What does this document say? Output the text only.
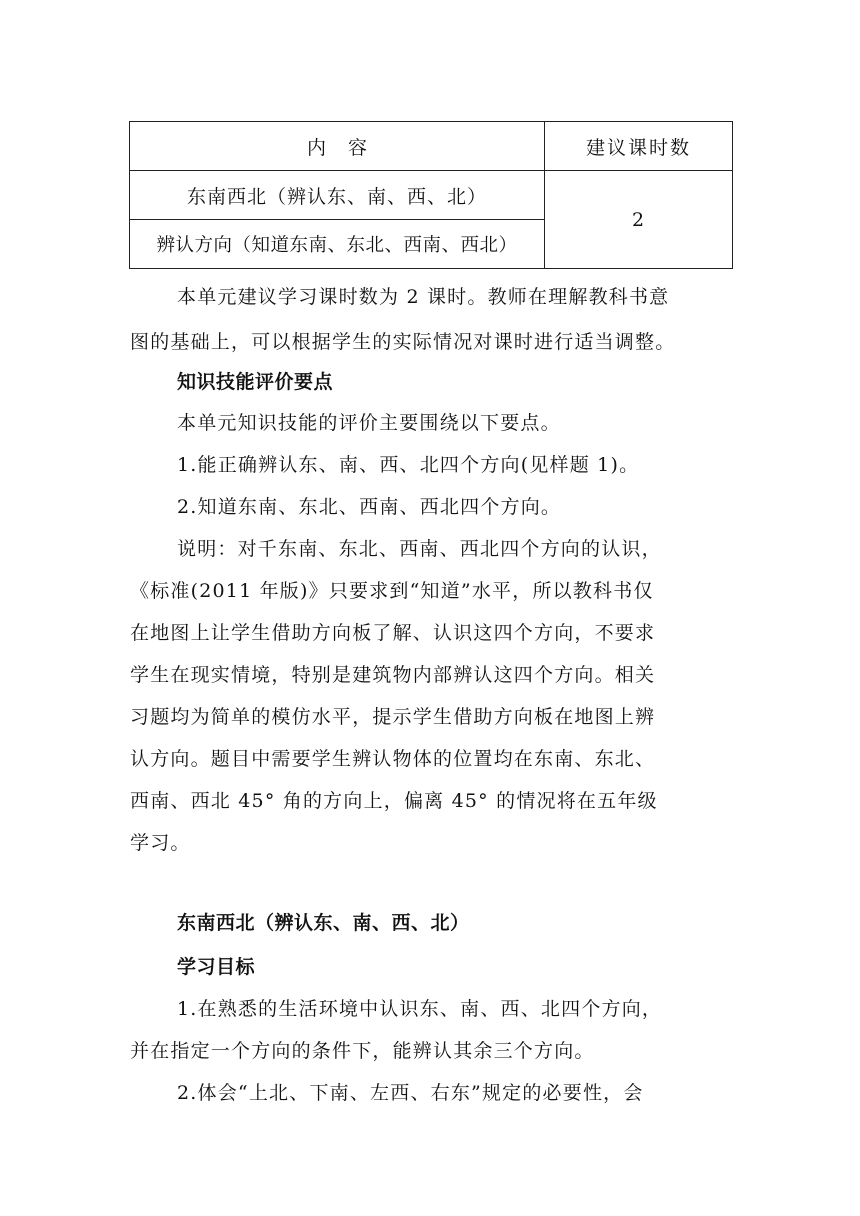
内容	建议课时数
东南西北（辨认东、南、西、北）	2
辨认方向（知道东南、东北、西南、西北）	
本单元建议学习课时数为 2 课时。教师在理解教科书意
图的基础上，可以根据学生的实际情况对课时进行适当调整。
知识技能评价要点
本单元知识技能的评价主要围绕以下要点。
1.能正确辨认东、南、西、北四个方向(见样题 1)。
2.知道东南、东北、西南、西北四个方向。
说明：对千东南、东北、西南、西北四个方向的认识，
《标准(2011 年版)》只要求到“知道”水平，所以教科书仅
在地图上让学生借助方向板了解、认识这四个方向，不要求
学生在现实情境，特别是建筑物内部辨认这四个方向。相关
习题均为简单的模仿水平，提示学生借助方向板在地图上辨
认方向。题目中需要学生辨认物体的位置均在东南、东北、
西南、西北 45° 角的方向上，偏离 45° 的情况将在五年级
学习。
东南西北（辨认东、南、西、北）
学习目标
1.在熟悉的生活环境中认识东、南、西、北四个方向，
并在指定一个方向的条件下，能辨认其余三个方向。
2.体会“上北、下南、左西、右东”规定的必要性，会
